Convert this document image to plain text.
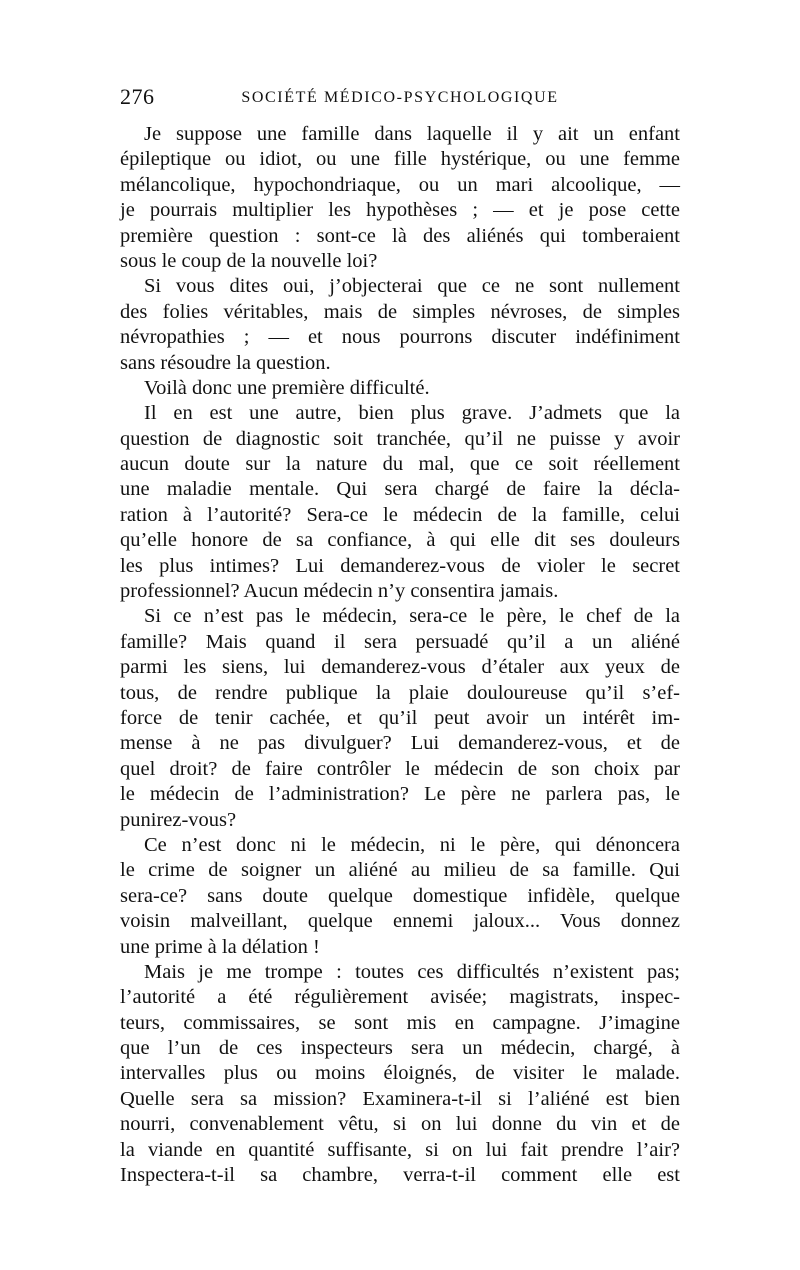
276	SOCIÉTÉ MÉDICO-PSYCHOLOGIQUE
Je suppose une famille dans laquelle il y ait un enfant
épileptique ou idiot, ou une fille hystérique, ou une femme
mélancolique, hypochondriaque, ou un mari alcoolique, —
je pourrais multiplier les hypothèses ; — et je pose cette
première question : sont-ce là des aliénés qui tomberaient
sous le coup de la nouvelle loi?
Si vous dites oui, j’objecterai que ce ne sont nullement
des folies véritables, mais de simples névroses, de simples
névropathies ; — et nous pourrons discuter indéfiniment
sans résoudre la question.
Voilà donc une première difficulté.
Il en est une autre, bien plus grave. J’admets que la
question de diagnostic soit tranchée, qu’il ne puisse y avoir
aucun doute sur la nature du mal, que ce soit réellement
une maladie mentale. Qui sera chargé de faire la décla-
ration à l’autorité? Sera-ce le médecin de la famille, celui
qu’elle honore de sa confiance, à qui elle dit ses douleurs
les plus intimes? Lui demanderez-vous de violer le secret
professionnel? Aucun médecin n’y consentira jamais.
Si ce n’est pas le médecin, sera-ce le père, le chef de la
famille? Mais quand il sera persuadé qu’il a un aliéné
parmi les siens, lui demanderez-vous d’étaler aux yeux de
tous, de rendre publique la plaie douloureuse qu’il s’ef-
force de tenir cachée, et qu’il peut avoir un intérêt im-
mense à ne pas divulguer? Lui demanderez-vous, et de
quel droit? de faire contrôler le médecin de son choix par
le médecin de l’administration? Le père ne parlera pas, le
punirez-vous?
Ce n’est donc ni le médecin, ni le père, qui dénoncera
le crime de soigner un aliéné au milieu de sa famille. Qui
sera-ce? sans doute quelque domestique infidèle, quelque
voisin malveillant, quelque ennemi jaloux... Vous donnez
une prime à la délation !
Mais je me trompe : toutes ces difficultés n’existent pas;
l’autorité a été régulièrement avisée; magistrats, inspec-
teurs, commissaires, se sont mis en campagne. J’imagine
que l’un de ces inspecteurs sera un médecin, chargé, à
intervalles plus ou moins éloignés, de visiter le malade.
Quelle sera sa mission? Examinera-t-il si l’aliéné est bien
nourri, convenablement vêtu, si on lui donne du vin et de
la viande en quantité suffisante, si on lui fait prendre l’air?
Inspectera-t-il sa chambre, verra-t-il comment elle est
